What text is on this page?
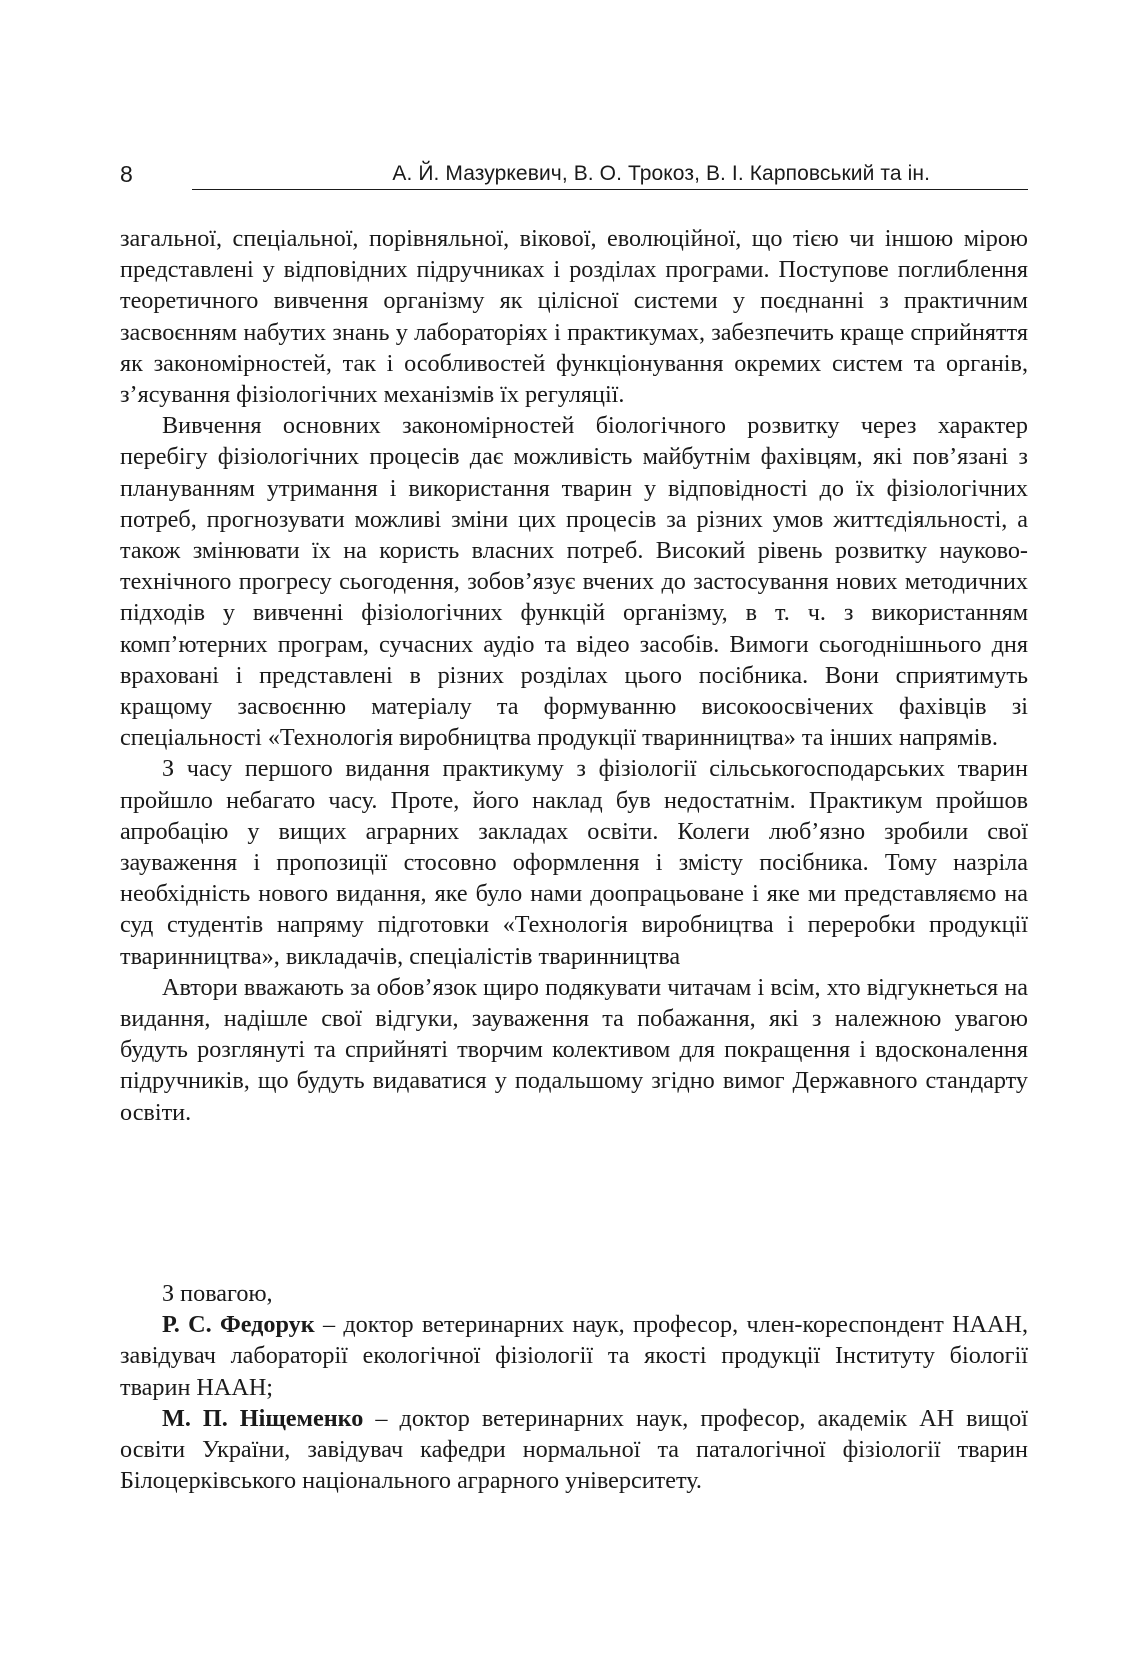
8	А. Й. Мазуркевич, В. О. Трокоз, В. І. Карповський та ін.

загальної, спеціальної, порівняльної, вікової, еволюційної, що тією чи іншою мірою представлені у відповідних підручниках і розділах програми. Поступове поглиблення теоретичного вивчення організму як цілісної системи у поєднанні з практичним засвоєнням набутих знань у лабораторіях і практикумах, забезпечить краще сприйняття як закономірностей, так і особливостей функціонування окремих систем та органів, з’ясування фізіологічних механізмів їх регуляції.

Вивчення основних закономірностей біологічного розвитку через характер перебігу фізіологічних процесів дає можливість майбутнім фахівцям, які пов’язані з плануванням утримання і використання тварин у відповідності до їх фізіологічних потреб, прогнозувати можливі зміни цих процесів за різних умов життєдіяльності, а також змінювати їх на користь власних потреб. Високий рівень розвитку науково-технічного прогресу сьогодення, зобов’язує вчених до застосування нових методичних підходів у вивченні фізіологічних функцій організму, в т. ч. з використанням комп’ютерних програм, сучасних аудіо та відео засобів. Вимоги сьогоднішнього дня враховані і представлені в різних розділах цього посібника. Вони сприятимуть кращому засвоєнню матеріалу та формуванню високоосвічених фахівців зі спеціальності «Технологія виробництва продукції тваринництва» та інших напрямів.

З часу першого видання практикуму з фізіології сільськогосподарських тварин пройшло небагато часу. Проте, його наклад був недостатнім. Практикум пройшов апробацію у вищих аграрних закладах освіти. Колеги люб’язно зробили свої зауваження і пропозиції стосовно оформлення і змісту посібника. Тому назріла необхідність нового видання, яке було нами доопрацьоване і яке ми представляємо на суд студентів напряму підготовки «Технологія виробництва і переробки продукції тваринництва», викладачів, спеціалістів тваринництва

Автори вважають за обов’язок щиро подякувати читачам і всім, хто відгукнеться на видання, надішле свої відгуки, зауваження та побажання, які з належною увагою будуть розглянуті та сприйняті творчим колективом для покращення і вдосконалення підручників, що будуть видаватися у подальшому згідно вимог Державного стандарту освіти.

З повагою,

Р. С. Федорук – доктор ветеринарних наук, професор, член-кореспондент НААН, завідувач лабораторії екологічної фізіології та якості продукції Інституту біології тварин НААН;

М. П. Ніщеменко – доктор ветеринарних наук, професор, академік АН вищої освіти України, завідувач кафедри нормальної та паталогічної фізіології тварин Білоцерківського національного аграрного університету.
